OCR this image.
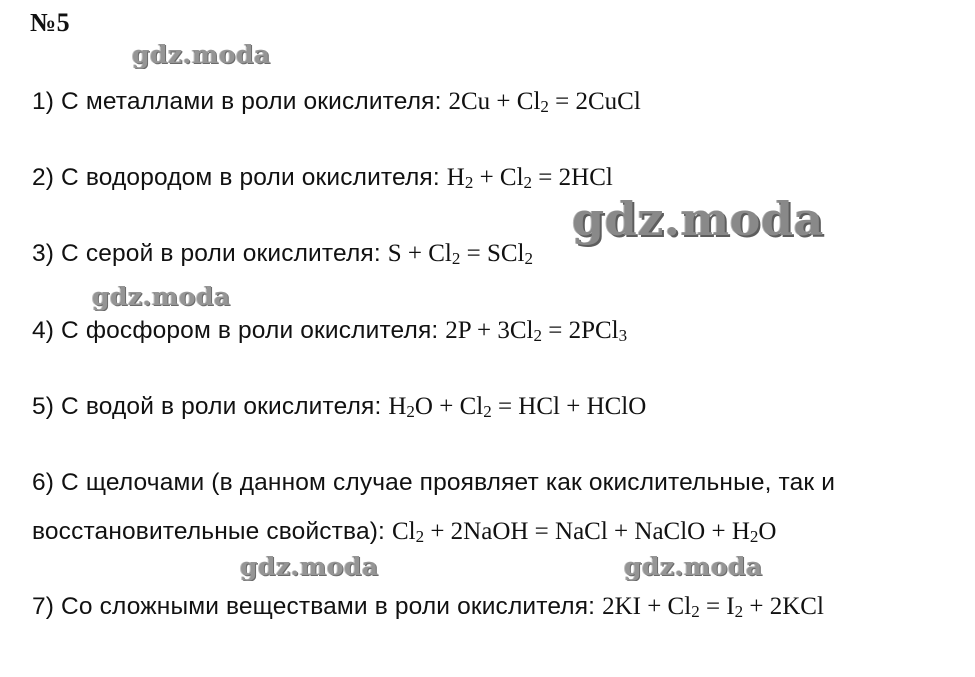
№5
1) С металлами в роли окислителя: $2Cu + Cl_2$ = 2CuCl
2) С водородом в роли окислителя: $H_2 + Cl_2 = 2HCl$
3) С серой в роли окислителя: $S + Cl_2 = SCl_2$
4) С фосфором в роли окислителя: $2P + 3Cl_2 = 2PCl_3$
5) С водой в роли окислителя: $H_2O + Cl_2$ = HCl + HClO
6) С щелочами (в данном случае проявляет как окислительные, так и
восстановительные свойства): $Cl_2$ + 2NaOH = NaCl + NaClO + $H_2O$
7) Со сложными веществами в роли окислителя: $2KI + Cl_2 = I_2 + 2KCl$
gdz.moda
gdz.moda
gdz.moda
gdz.moda	gdz.moda
